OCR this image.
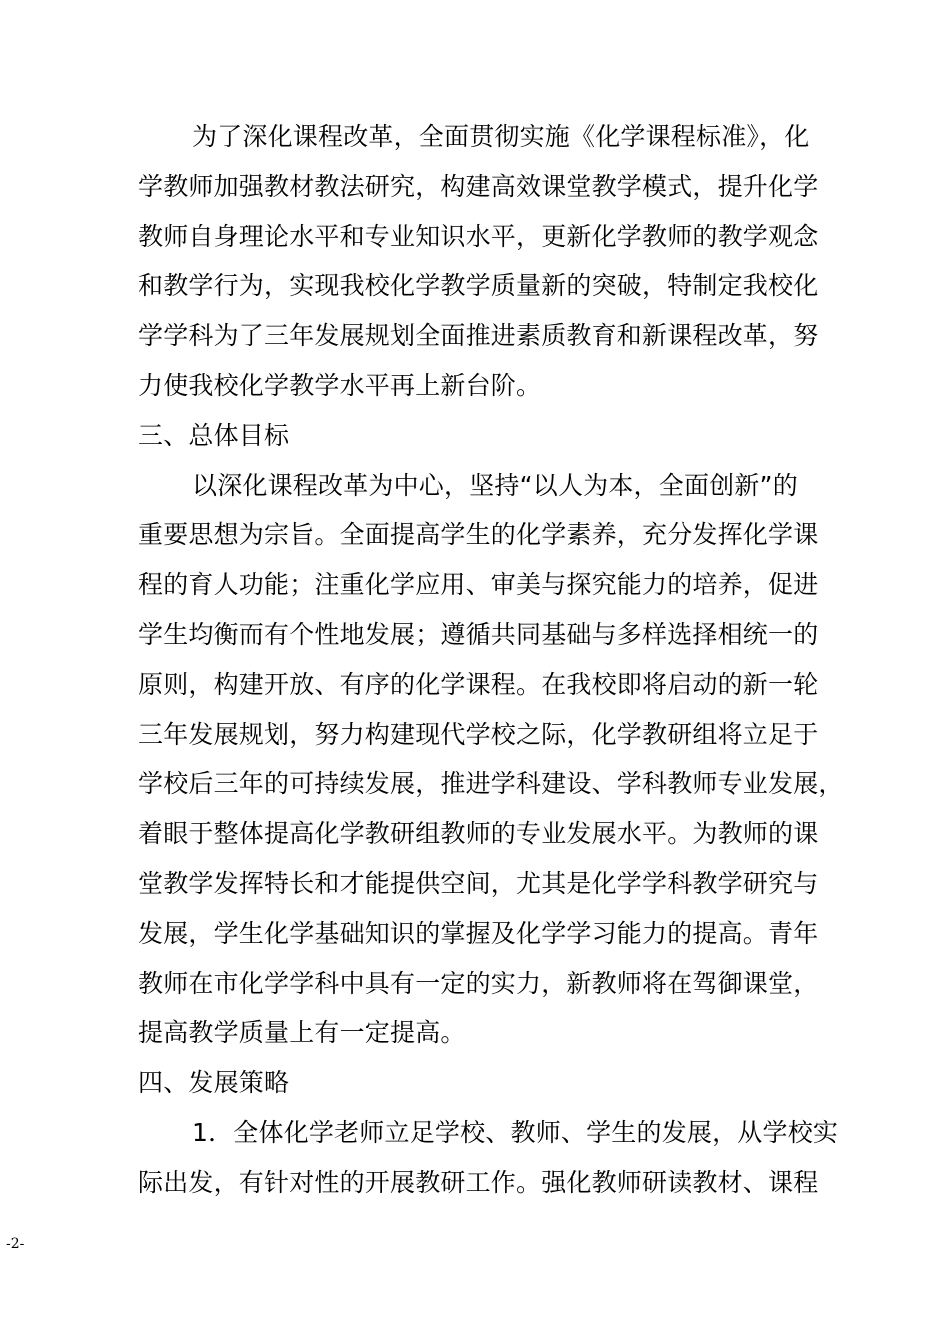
为了深化课程改革，全面贯彻实施《化学课程标准》，化
学教师加强教材教法研究，构建高效课堂教学模式，提升化学
教师自身理论水平和专业知识水平，更新化学教师的教学观念
和教学行为，实现我校化学教学质量新的突破，特制定我校化
学学科为了三年发展规划全面推进素质教育和新课程改革，努
力使我校化学教学水平再上新台阶。
三、总体目标
以深化课程改革为中心，坚持“以人为本，全面创新”的
重要思想为宗旨。全面提高学生的化学素养，充分发挥化学课
程的育人功能；注重化学应用、审美与探究能力的培养，促进
学生均衡而有个性地发展；遵循共同基础与多样选择相统一的
原则，构建开放、有序的化学课程。在我校即将启动的新一轮
三年发展规划，努力构建现代学校之际，化学教研组将立足于
学校后三年的可持续发展，推进学科建设、学科教师专业发展，
着眼于整体提高化学教研组教师的专业发展水平。为教师的课
堂教学发挥特长和才能提供空间，尤其是化学学科教学研究与
发展，学生化学基础知识的掌握及化学学习能力的提高。青年
教师在市化学学科中具有一定的实力，新教师将在驾御课堂，
提高教学质量上有一定提高。
四、发展策略
1．全体化学老师立足学校、教师、学生的发展，从学校实
际出发，有针对性的开展教研工作。强化教师研读教材、课程
-2-
